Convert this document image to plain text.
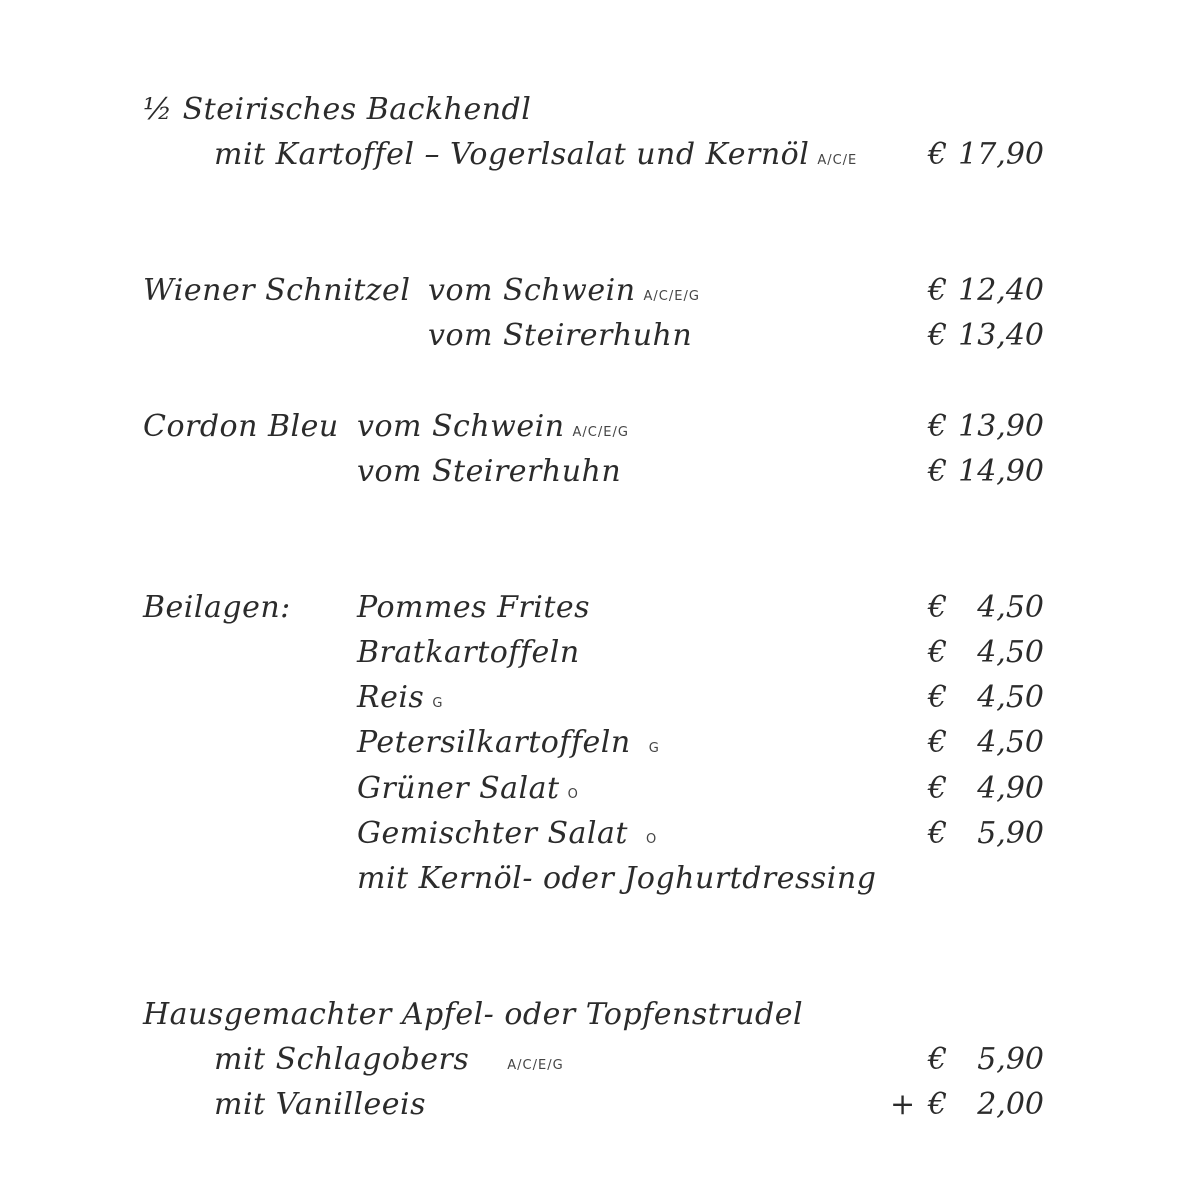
½ Steirisches Backhendl
mit Kartoffel – Vogerlsalat und Kernöl A/C/E € 17,90
Wiener Schnitzel vom Schwein A/C/E/G	€ 12,40
vom Steirerhuhn	€ 13,40
Cordon Bleu vom Schwein A/C/E/G	€ 13,90
vom Steirerhuhn	€ 14,90
Beilagen: Pommes Frites	€ 4,50
Bratkartoffeln	€ 4,50
Reis G	€ 4,50
Petersilkartoffeln G	€ 4,50
Grüner Salat O	€ 4,90
Gemischter Salat O	€ 5,90
mit Kernöl- oder Joghurtdressing
Hausgemachter Apfel- oder Topfenstrudel
mit Schlagobers	A/C/E/G	€ 5,90
mit Vanilleeis	+ € 2,00
